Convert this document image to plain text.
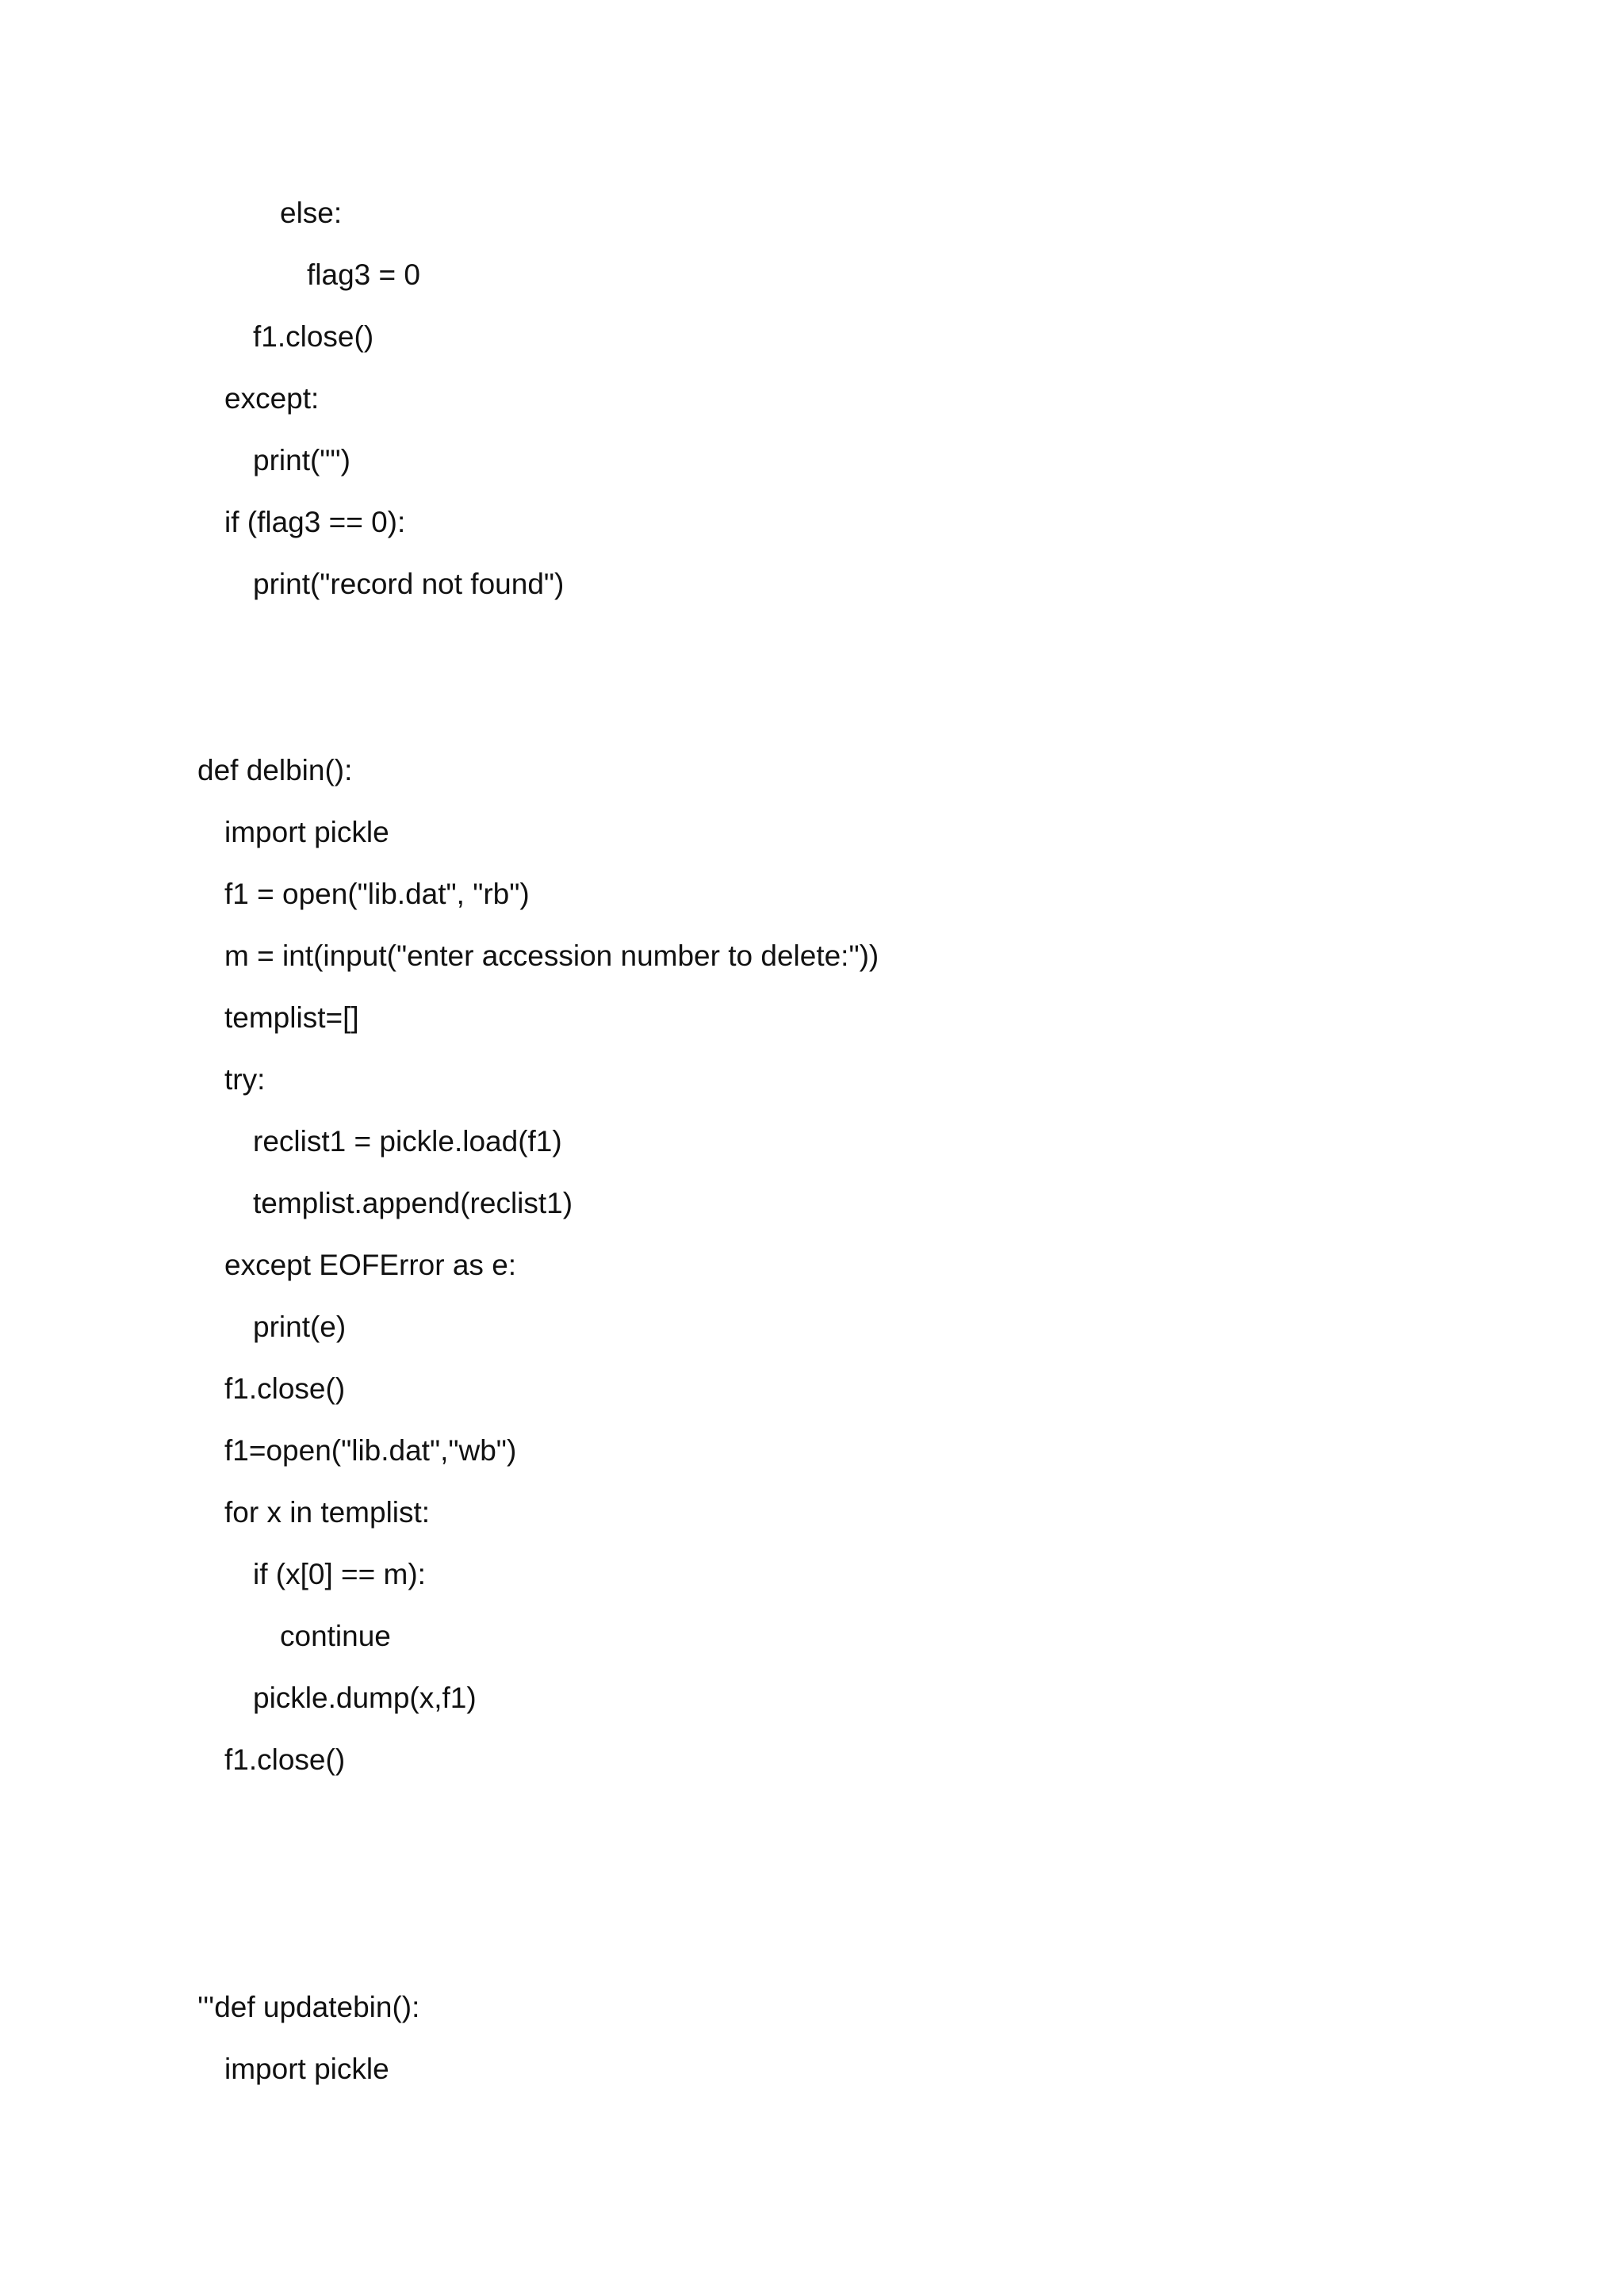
else:
flag3 = 0
f1.close()
except:
print("")
if (flag3 == 0):
print("record not found")
def delbin():
import pickle
f1 = open("lib.dat", "rb")
m = int(input("enter accession number to delete:"))
templist=[]
try:
reclist1 = pickle.load(f1)
templist.append(reclist1)
except EOFError as e:
print(e)
f1.close()
f1=open("lib.dat","wb")
for x in templist:
if (x[0] == m):
continue
pickle.dump(x,f1)
f1.close()
'''def updatebin():
import pickle
